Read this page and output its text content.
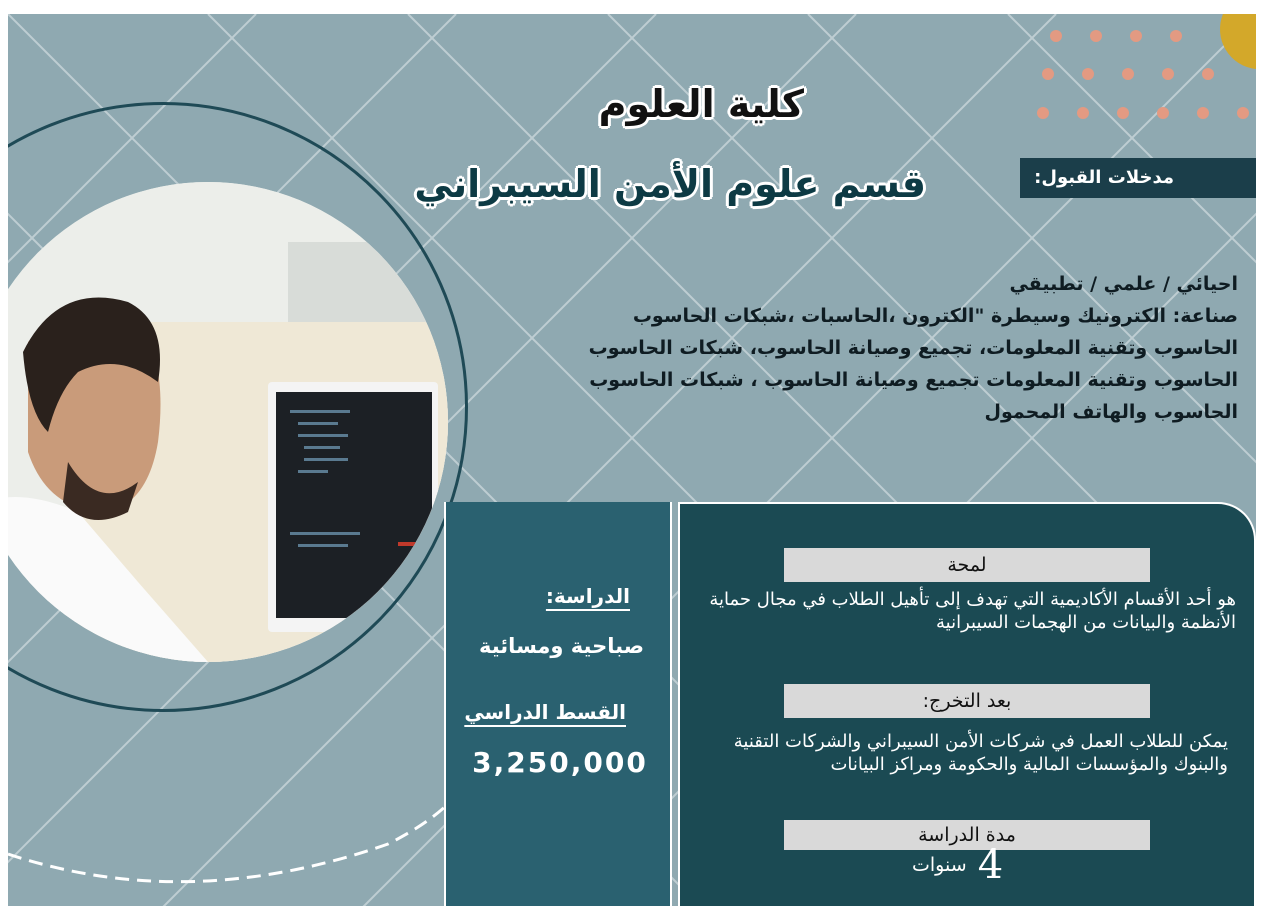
كلية العلوم
قسم علوم الأمن السيبراني	مدخلات القبول:
احيائي / علمي / تطبيقي
صناعة: الكترونيك وسيطرة "الكترون ،الحاسبات ،شبكات الحاسوب
الحاسوب وتقنية المعلومات، تجميع وصيانة الحاسوب، شبكات الحاسوب
الحاسوب وتقنية المعلومات تجميع وصيانة الحاسوب ، شبكات الحاسوب
الحاسوب والهاتف المحمول
الدراسة:
صباحية ومسائية
القسط الدراسي
3,250,000
لمحة
هو أحد الأقسام الأكاديمية التي تهدف إلى تأهيل الطلاب في مجال حماية الأنظمة والبيانات من الهجمات السيبرانية
بعد التخرج:
يمكن للطلاب العمل في شركات الأمن السيبراني والشركات التقنية والبنوك والمؤسسات المالية والحكومة ومراكز البيانات
مدة الدراسة
4 سنوات
